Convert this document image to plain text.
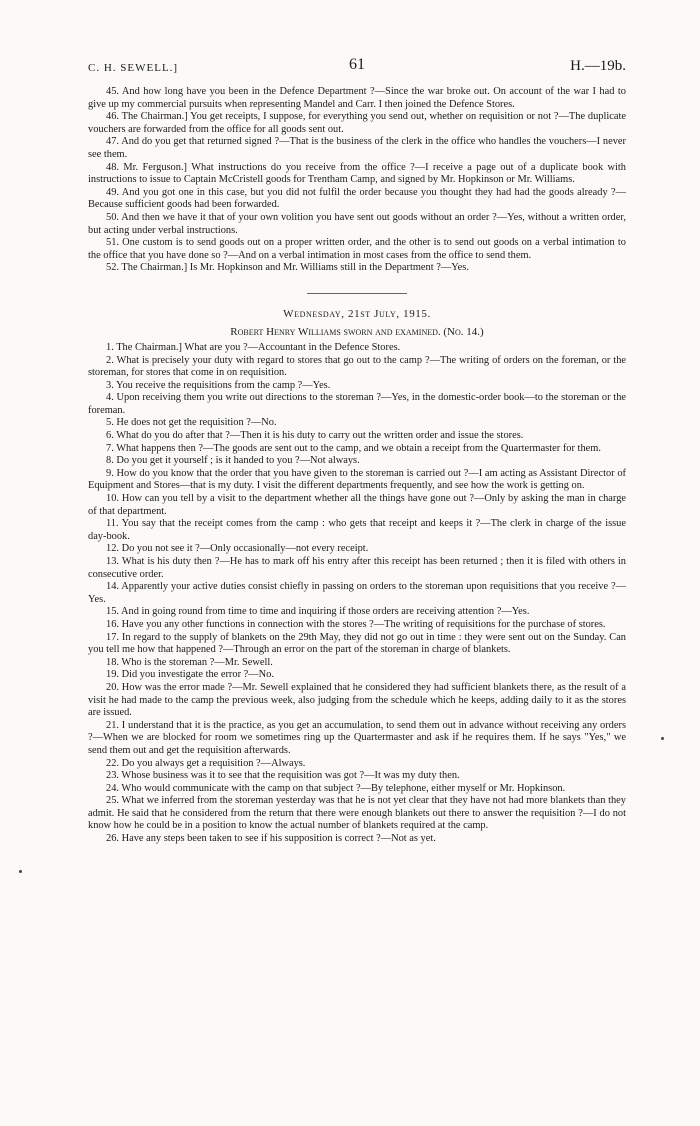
C. H. SEWELL.]	61	H.—19b.

45. And how long have you been in the Defence Department ?—Since the war broke out. On account of the war I had to give up my commercial pursuits when representing Mandel and Carr. I then joined the Defence Stores.

46. The Chairman.] You get receipts, I suppose, for everything you send out, whether on requisition or not ?—The duplicate vouchers are forwarded from the office for all goods sent out.

47. And do you get that returned signed ?—That is the business of the clerk in the office who handles the vouchers—I never see them.

48. Mr. Ferguson.] What instructions do you receive from the office ?—I receive a page out of a duplicate book with instructions to issue to Captain McCristell goods for Trentham Camp, and signed by Mr. Hopkinson or Mr. Williams.

49. And you got one in this case, but you did not fulfil the order because you thought they had had the goods already ?—Because sufficient goods had been forwarded.

50. And then we have it that of your own volition you have sent out goods without an order ?—Yes, without a written order, but acting under verbal instructions.

51. One custom is to send goods out on a proper written order, and the other is to send out goods on a verbal intimation to the office that you have done so ?—And on a verbal intimation in most cases from the office to send them.

52. The Chairman.] Is Mr. Hopkinson and Mr. Williams still in the Department ?—Yes.

Wednesday, 21st July, 1915.

Robert Henry Williams sworn and examined. (No. 14.)

1. The Chairman.] What are you ?—Accountant in the Defence Stores.

2. What is precisely your duty with regard to stores that go out to the camp ?—The writing of orders on the foreman, or the storeman, for stores that come in on requisition.

3. You receive the requisitions from the camp ?—Yes.

4. Upon receiving them you write out directions to the storeman ?—Yes, in the domestic-order book—to the storeman or the foreman.

5. He does not get the requisition ?—No.

6. What do you do after that ?—Then it is his duty to carry out the written order and issue the stores.

7. What happens then ?—The goods are sent out to the camp, and we obtain a receipt from the Quartermaster for them.

8. Do you get it yourself ; is it handed to you ?—Not always.

9. How do you know that the order that you have given to the storeman is carried out ?—I am acting as Assistant Director of Equipment and Stores—that is my duty. I visit the different departments frequently, and see how the work is getting on.

10. How can you tell by a visit to the department whether all the things have gone out ?—Only by asking the man in charge of that department.

11. You say that the receipt comes from the camp : who gets that receipt and keeps it ?—The clerk in charge of the issue day-book.

12. Do you not see it ?—Only occasionally—not every receipt.

13. What is his duty then ?—He has to mark off his entry after this receipt has been returned ; then it is filed with others in consecutive order.

14. Apparently your active duties consist chiefly in passing on orders to the storeman upon requisitions that you receive ?—Yes.

15. And in going round from time to time and inquiring if those orders are receiving attention ?—Yes.

16. Have you any other functions in connection with the stores ?—The writing of requisitions for the purchase of stores.

17. In regard to the supply of blankets on the 29th May, they did not go out in time : they were sent out on the Sunday. Can you tell me how that happened ?—Through an error on the part of the storeman in charge of blankets.

18. Who is the storeman ?—Mr. Sewell.

19. Did you investigate the error ?—No.

20. How was the error made ?—Mr. Sewell explained that he considered they had sufficient blankets there, as the result of a visit he had made to the camp the previous week, also judging from the schedule which he keeps, adding daily to it as the stores are issued.

21. I understand that it is the practice, as you get an accumulation, to send them out in advance without receiving any orders ?—When we are blocked for room we sometimes ring up the Quartermaster and ask if he requires them. If he says "Yes," we send them out and get the requisition afterwards.

22. Do you always get a requisition ?—Always.

23. Whose business was it to see that the requisition was got ?—It was my duty then.

24. Who would communicate with the camp on that subject ?—By telephone, either myself or Mr. Hopkinson.

25. What we inferred from the storeman yesterday was that he is not yet clear that they have not had more blankets than they admit. He said that he considered from the return that there were enough blankets out there to answer the requisition ?—I do not know how he could be in a position to know the actual number of blankets required at the camp.

26. Have any steps been taken to see if his supposition is correct ?—Not as yet.
